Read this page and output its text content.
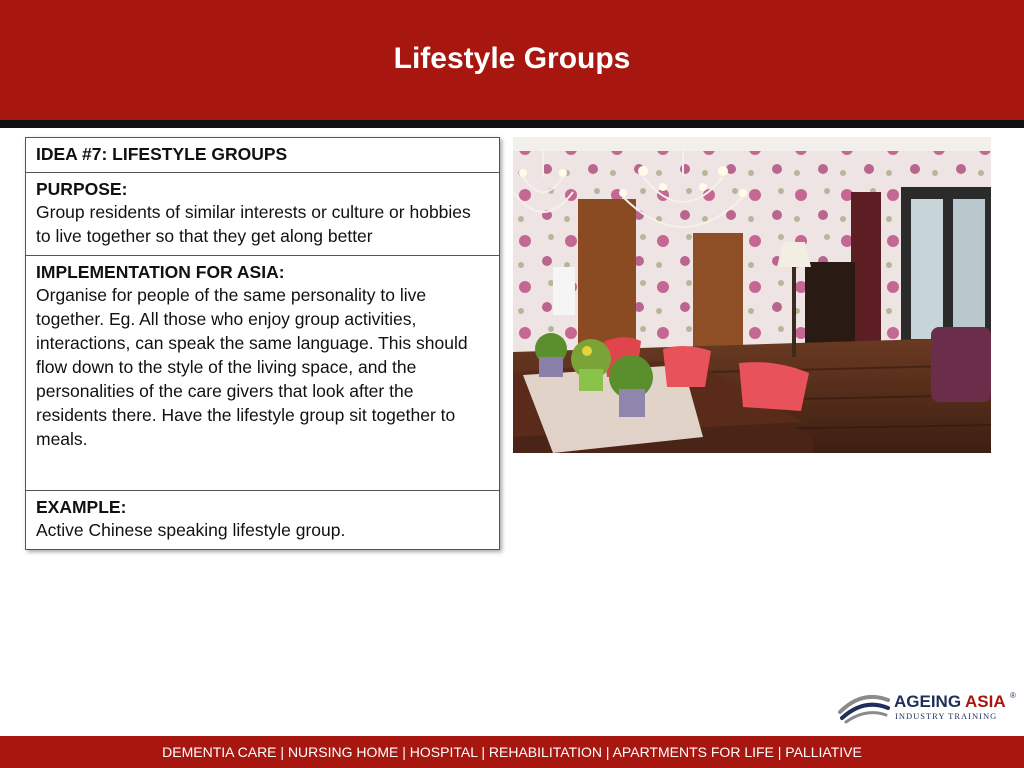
Lifestyle Groups
IDEA #7: LIFESTYLE GROUPS

PURPOSE:
Group residents of similar interests or culture or hobbies to live together so that they get along better

IMPLEMENTATION FOR ASIA:
Organise for people of the same personality to live together. Eg. All those who enjoy group activities, interactions, can speak the same language. This should flow down to the style of the living space, and the personalities of the care givers that look after the residents there. Have the lifestyle group sit together to meals.

EXAMPLE:
Active Chinese speaking lifestyle group.
AGEING ASIA ®
INDUSTRY TRAINING
DEMENTIA CARE | NURSING HOME | HOSPITAL | REHABILITATION | APARTMENTS FOR LIFE | PALLIATIVE
